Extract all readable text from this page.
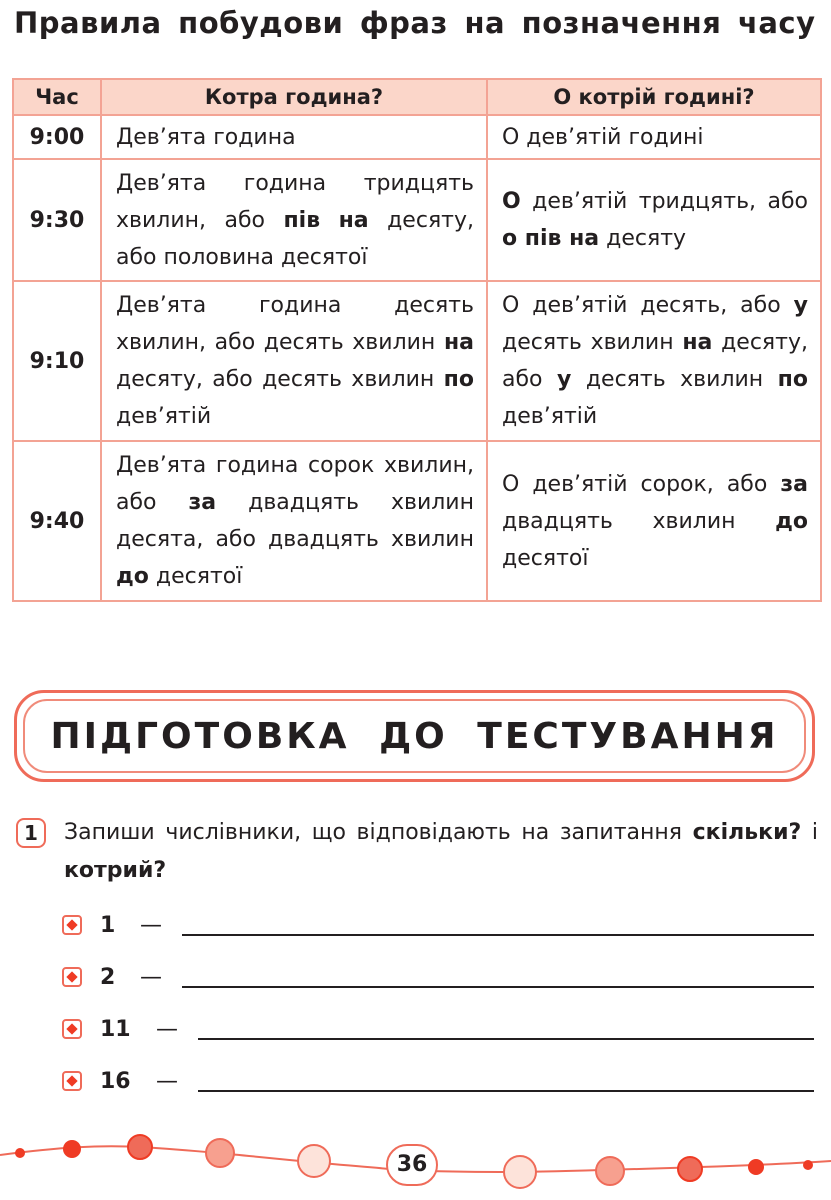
Правила побудови фраз на позначення часу
Час	Котра година?	О котрій годині?
9:00	Дев’ята година	О дев’ятій годині
9:30	Дев’ята година тридцять хвилин, або пів на десяту, або половина десятої	О дев’ятій тридцять, або о пів на десяту
9:10	Дев’ята година десять хвилин, або десять хвилин на десяту, або десять хвилин по дев’ятій	О дев’ятій десять, або у десять хвилин на десяту, або у десять хвилин по дев’ятій
9:40	Дев’ята година сорок хвилин, або за двадцять хвилин десята, або двадцять хвилин до десятої	О дев’ятій сорок, або за двадцять хвилин до десятої
ПІДГОТОВКА ДО ТЕСТУВАННЯ
1	Запиши числівники, що відповідають на запитання скільки? і котрий?
1 —
2 —
11 —
16 —
36
